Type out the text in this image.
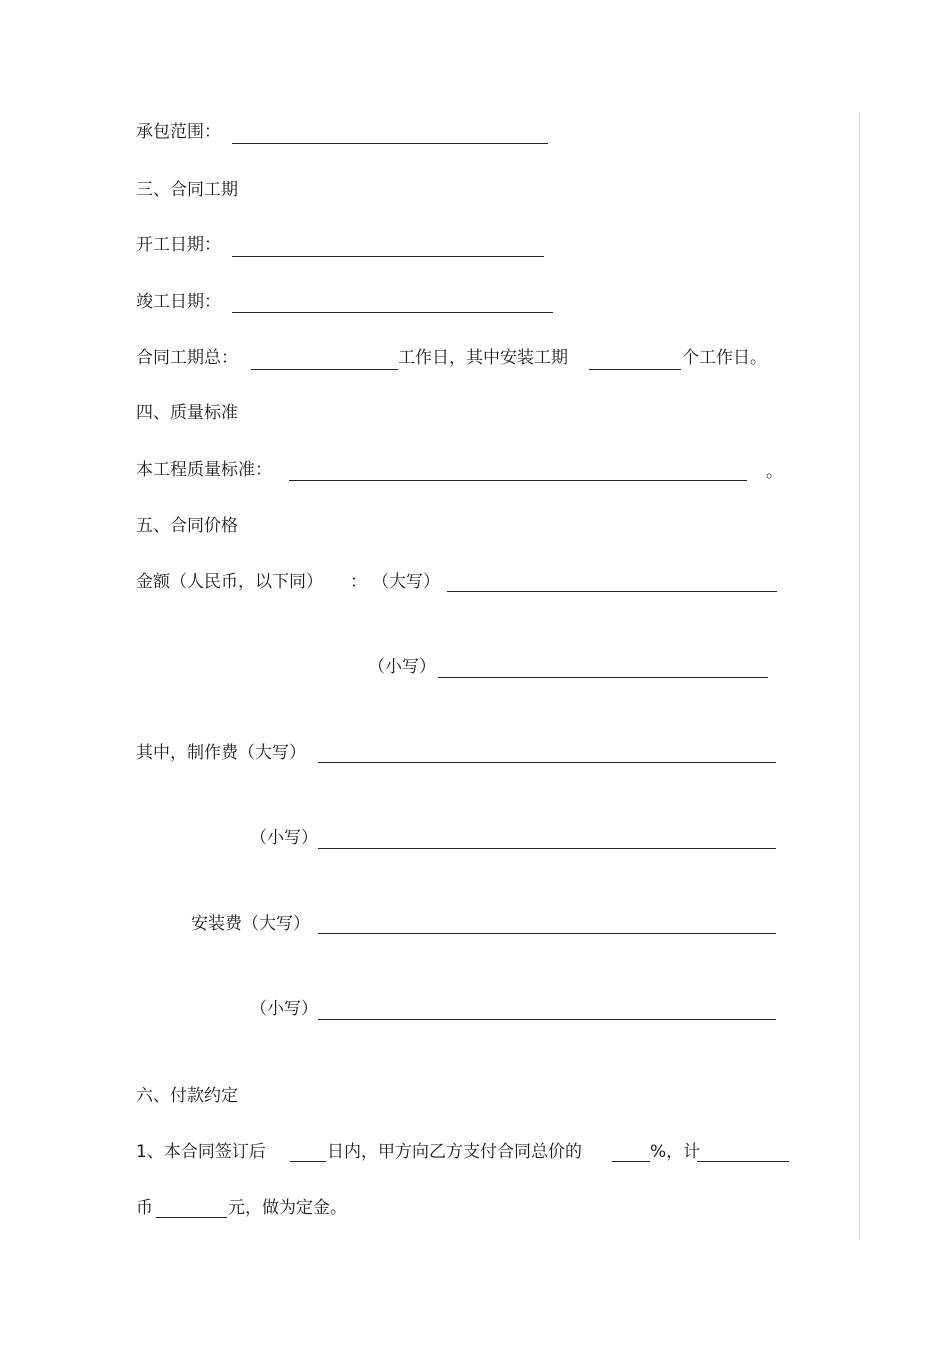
承包范围：
三、合同工期
开工日期：
竣工日期：
合同工期总：	工作日，其中安装工期	个工作日。
四、质量标准
本工程质量标准：	。
五、合同价格
金额（人民币，以下同） ： （大写）
（小写）
其中，制作费（大写）
（小写）
安装费（大写）
（小写）
六、付款约定
1、本合同签订后	日内，甲方向乙方支付合同总价的	%，计
币	元，做为定金。
